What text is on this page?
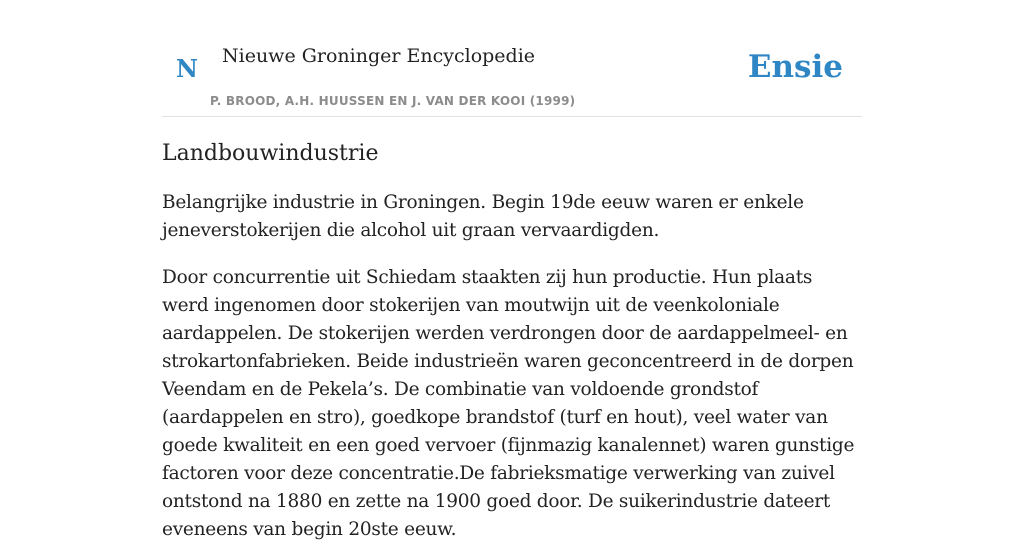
N Nieuwe Groninger Encyclopedie
P. BROOD, A.H. HUUSSEN EN J. VAN DER KOOI (1999)
Ensie
Landbouwindustrie

Belangrijke industrie in Groningen. Begin 19de eeuw waren er enkele jeneverstokerijen die alcohol uit graan vervaardigden.

Door concurrentie uit Schiedam staakten zij hun productie. Hun plaats werd ingenomen door stokerijen van moutwijn uit de veenkoloniale aardappelen. De stokerijen werden verdrongen door de aardappelmeel- en strokartonfabrieken. Beide industrieën waren geconcentreerd in de dorpen Veendam en de Pekela’s. De combinatie van voldoende grondstof (aardappelen en stro), goedkope brandstof (turf en hout), veel water van goede kwaliteit en een goed vervoer (fijnmazig kanalennet) waren gunstige factoren voor deze concentratie.De fabrieksmatige verwerking van zuivel ontstond na 1880 en zette na 1900 goed door. De suikerindustrie dateert eveneens van begin 20ste eeuw.
